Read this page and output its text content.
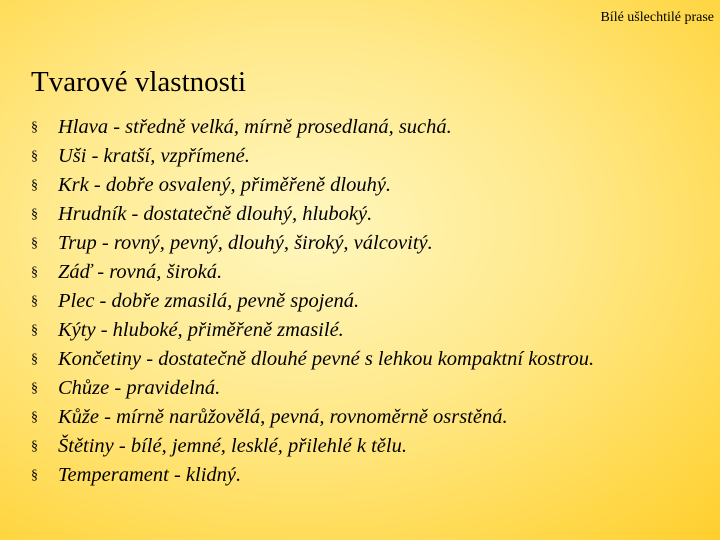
Bílé ušlechtilé prase
Tvarové vlastnosti
§ Hlava - středně velká, mírně prosedlaná, suchá.
§ Uši - kratší, vzpřímené.
§ Krk - dobře osvalený, přiměřeně dlouhý.
§ Hrudník - dostatečně dlouhý, hluboký.
§ Trup - rovný, pevný, dlouhý, široký, válcovitý.
§ Záď - rovná, široká.
§ Plec - dobře zmasilá, pevně spojená.
§ Kýty - hluboké, přiměřeně zmasilé.
§ Končetiny - dostatečně dlouhé pevné s lehkou kompaktní kostrou.
§ Chůze - pravidelná.
§ Kůže - mírně narůžovělá, pevná, rovnoměrně osrstěná.
§ Štětiny - bílé, jemné, lesklé, přilehlé k tělu.
§ Temperament - klidný.
